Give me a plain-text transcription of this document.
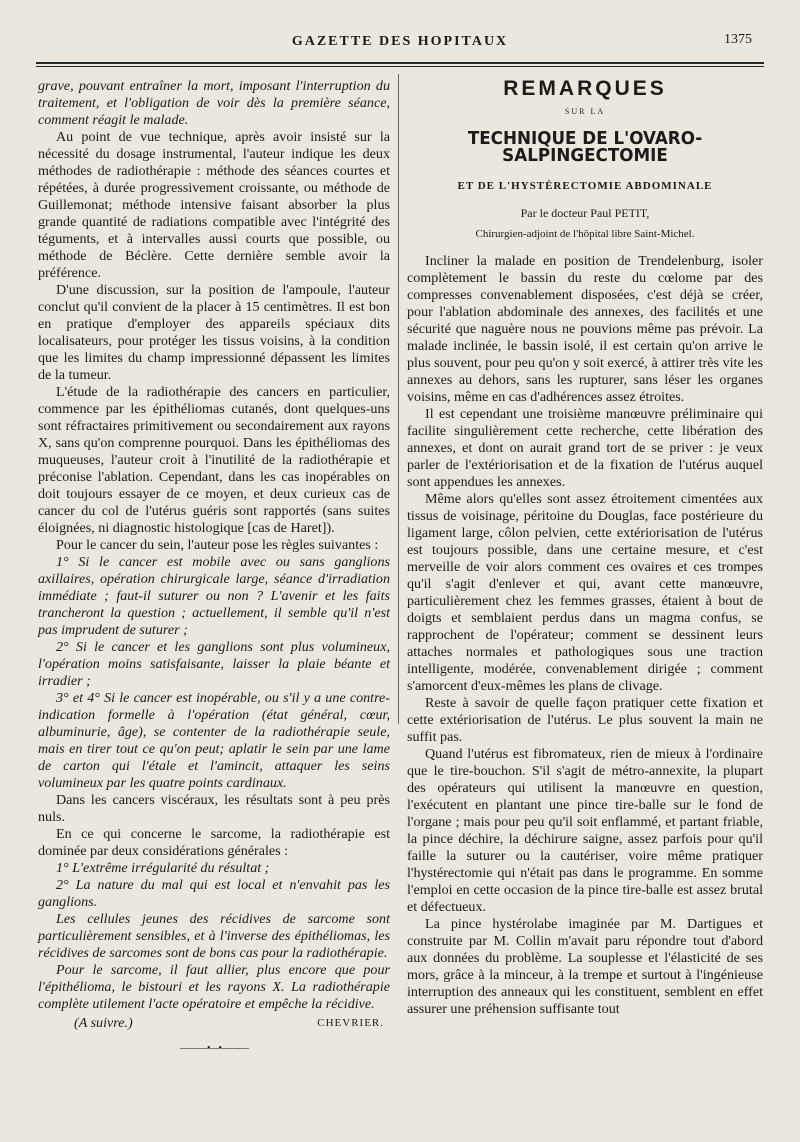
GAZETTE DES HOPITAUX	1375

grave, pouvant entraîner la mort, imposant l'interruption du traitement, et l'obligation de voir dès la première séance, comment réagit le malade.

Au point de vue technique, après avoir insisté sur la nécessité du dosage instrumental, l'auteur indique les deux méthodes de radiothérapie : méthode des séances courtes et répétées, à durée progressivement croissante, ou méthode de Guillemonat; méthode intensive faisant absorber la plus grande quantité de radiations compatible avec l'intégrité des téguments, et à intervalles aussi courts que possible, ou méthode de Béclère. Cette dernière semble avoir la préférence.

D'une discussion, sur la position de l'ampoule, l'auteur conclut qu'il convient de la placer à 15 centimètres. Il est bon en pratique d'employer des appareils spéciaux dits localisateurs, pour protéger les tissus voisins, à la condition que les limites du champ impressionné dépassent les limites de la tumeur.

L'étude de la radiothérapie des cancers en particulier, commence par les épithéliomas cutanés, dont quelques-uns sont réfractaires primitivement ou secondairement aux rayons X, sans qu'on comprenne pourquoi. Dans les épithéliomas des muqueuses, l'auteur croit à l'inutilité de la radiothérapie et préconise l'ablation. Cependant, dans les cas inopérables on doit toujours essayer de ce moyen, et deux curieux cas de cancer du col de l'utérus guéris sont rapportés (sans suites éloignées, ni diagnostic histologique [cas de Haret]).

Pour le cancer du sein, l'auteur pose les règles suivantes :

1° Si le cancer est mobile avec ou sans ganglions axillaires, opération chirurgicale large, séance d'irradiation immédiate ; faut-il suturer ou non ? L'avenir et les faits trancheront la question ; actuellement, il semble qu'il n'est pas imprudent de suturer ;

2° Si le cancer et les ganglions sont plus volumineux, l'opération moins satisfaisante, laisser la plaie béante et irradier ;

3° et 4° Si le cancer est inopérable, ou s'il y a une contre-indication formelle à l'opération (état général, cœur, albuminurie, âge), se contenter de la radiothérapie seule, mais en tirer tout ce qu'on peut; aplatir le sein par une lame de carton qui l'étale et l'amincit, attaquer les seins volumineux par les quatre points cardinaux.

Dans les cancers viscéraux, les résultats sont à peu près nuls.

En ce qui concerne le sarcome, la radiothérapie est dominée par deux considérations générales :

1° L'extrême irrégularité du résultat ;

2° La nature du mal qui est local et n'envahit pas les ganglions.

Les cellules jeunes des récidives de sarcome sont particulièrement sensibles, et à l'inverse des épithéliomas, les récidives de sarcomes sont de bons cas pour la radiothérapie.

Pour le sarcome, il faut allier, plus encore que pour l'épithélioma, le bistouri et les rayons X. La radiothérapie complète utilement l'acte opératoire et empêche la récidive.

(A suivre.)	CHEVRIER.
———•—•———
REMARQUES
SUR LA
TECHNIQUE DE L'OVARO-SALPINGECTOMIE
ET DE L'HYSTÉRECTOMIE ABDOMINALE
Par le docteur Paul PETIT,
Chirurgien-adjoint de l'hôpital libre Saint-Michel.

Incliner la malade en position de Trendelenburg, isoler complètement le bassin du reste du cœlome par des compresses convenablement disposées, c'est déjà se créer, pour l'ablation abdominale des annexes, des facilités et une sécurité que naguère nous ne pouvions même pas prévoir. La malade inclinée, le bassin isolé, il est certain qu'on arrive le plus souvent, pour peu qu'on y soit exercé, à attirer très vite les annexes au dehors, sans les rupturer, sans léser les organes voisins, même en cas d'adhérences assez étroites.

Il est cependant une troisième manœuvre préliminaire qui facilite singulièrement cette recherche, cette libération des annexes, et dont on aurait grand tort de se priver : je veux parler de l'extériorisation et de la fixation de l'utérus auquel sont appendues les annexes.

Même alors qu'elles sont assez étroitement cimentées aux tissus de voisinage, péritoine du Douglas, face postérieure du ligament large, côlon pelvien, cette extériorisation de l'utérus est toujours possible, dans une certaine mesure, et c'est merveille de voir alors comment ces ovaires et ces trompes qu'il s'agit d'enlever et qui, avant cette manœuvre, particulièrement chez les femmes grasses, étaient à bout de doigts et semblaient perdus dans un magma confus, se rapprochent de l'opérateur; comment se dessinent leurs attaches normales et pathologiques sous une traction intelligente, modérée, convenablement dirigée ; comment s'amorcent d'eux-mêmes les plans de clivage.

Reste à savoir de quelle façon pratiquer cette fixation et cette extériorisation de l'utérus. Le plus souvent la main ne suffit pas.

Quand l'utérus est fibromateux, rien de mieux à l'ordinaire que le tire-bouchon. S'il s'agit de métro-annexite, la plupart des opérateurs qui utilisent la manœuvre en question, l'exécutent en plantant une pince tire-balle sur le fond de l'organe ; mais pour peu qu'il soit enflammé, et partant friable, la pince déchire, la déchirure saigne, assez parfois pour qu'il faille la suturer ou la cautériser, voire même pratiquer l'hystérectomie qui n'était pas dans le programme. En somme l'emploi en cette occasion de la pince tire-balle est assez brutal et défectueux.

La pince hystérolabe imaginée par M. Dartigues et construite par M. Collin m'avait paru répondre tout d'abord aux données du problème. La souplesse et l'élasticité de ses mors, grâce à la minceur, à la trempe et surtout à l'ingénieuse interruption des anneaux qui les constituent, semblent en effet assurer une préhension suffisante tout
